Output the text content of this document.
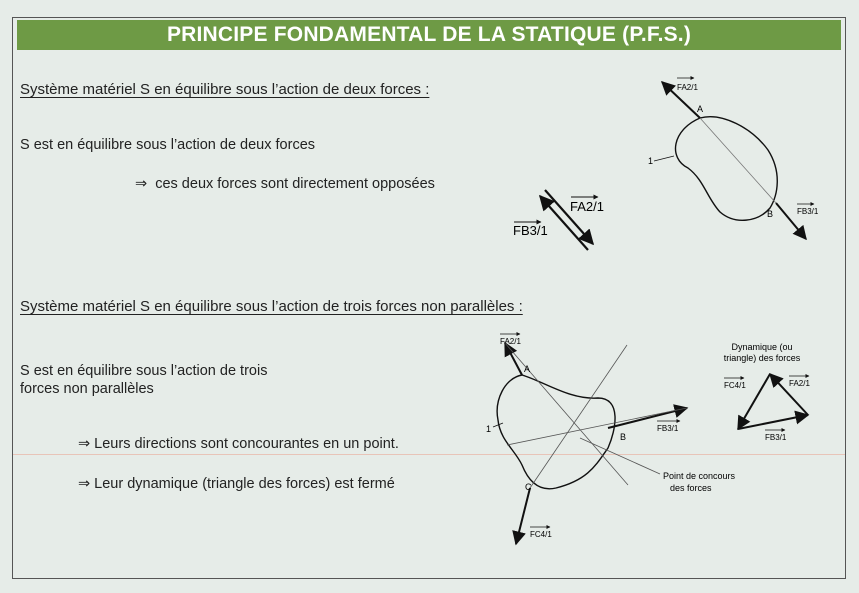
PRINCIPE FONDAMENTAL DE LA STATIQUE (P.F.S.)
Système matériel S en équilibre sous l’action de deux forces :
S est en équilibre sous l’action de deux forces
⇒ ces deux forces sont directement opposées
Système matériel S en équilibre sous l’action de trois forces non parallèles :
S est en équilibre sous l’action de trois
forces non parallèles
⇒ Leurs directions sont concourantes en un point.
⇒ Leur dynamique (triangle des forces) est fermé
FA2/1
FB3/1
FA2/1
FB3/1
A
B
1
1
A
B
C
FA2/1
FB3/1
FC4/1
Point de concours
des forces
Dynamique (ou
triangle) des forces
FC4/1	FA2/1
FB3/1
